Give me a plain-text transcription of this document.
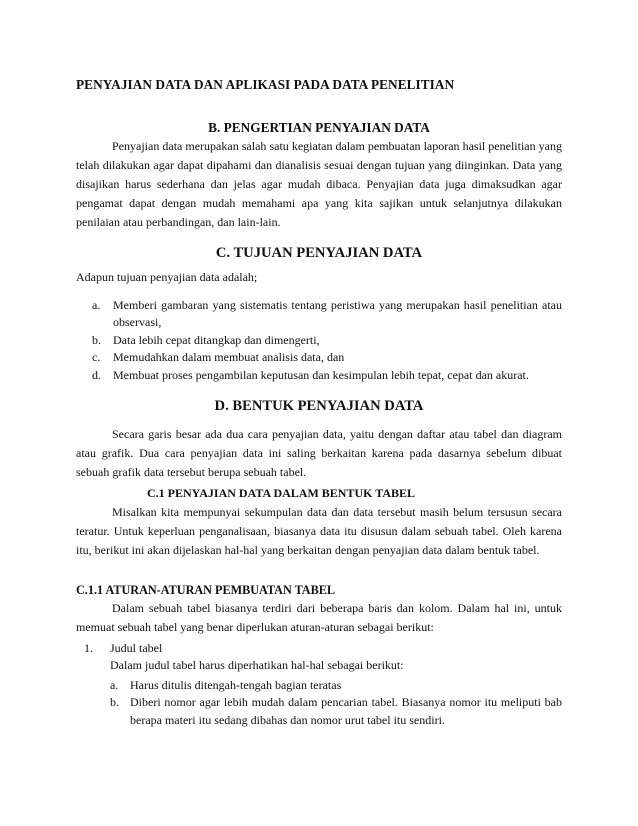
PENYAJIAN DATA DAN APLIKASI PADA DATA PENELITIAN
B. PENGERTIAN PENYAJIAN DATA

Penyajian data merupakan salah satu kegiatan dalam pembuatan laporan hasil penelitian yang telah dilakukan agar dapat dipahami dan dianalisis sesuai dengan tujuan yang diinginkan. Data yang disajikan harus sederhana dan jelas agar mudah dibaca. Penyajian data juga dimaksudkan agar pengamat dapat dengan mudah memahami apa yang kita sajikan untuk selanjutnya dilakukan penilaian atau perbandingan, dan lain-lain.

C. TUJUAN PENYAJIAN DATA
Adapun tujuan penyajian data adalah;
a. Memberi gambaran yang sistematis tentang peristiwa yang merupakan hasil penelitian atau observasi,
b. Data lebih cepat ditangkap dan dimengerti,
c. Memudahkan dalam membuat analisis data, dan
d. Membuat proses pengambilan keputusan dan kesimpulan lebih tepat, cepat dan akurat.
D. BENTUK PENYAJIAN DATA

Secara garis besar ada dua cara penyajian data, yaitu dengan daftar atau tabel dan diagram atau grafik. Dua cara penyajian data ini saling berkaitan karena pada dasarnya sebelum dibuat sebuah grafik data tersebut berupa sebuah tabel.

C.1 PENYAJIAN DATA DALAM BENTUK TABEL

Misalkan kita mempunyai sekumpulan data dan data tersebut masih belum tersusun secara teratur. Untuk keperluan penganalisaan, biasanya data itu disusun dalam sebuah tabel. Oleh karena itu, berikut ini akan dijelaskan hal-hal yang berkaitan dengan penyajian data dalam bentuk tabel.

C.1.1 ATURAN-ATURAN PEMBUATAN TABEL

Dalam sebuah tabel biasanya terdiri dari beberapa baris dan kolom. Dalam hal ini, untuk memuat sebuah tabel yang benar diperlukan aturan-aturan sebagai berikut:

1. Judul tabel
Dalam judul tabel harus diperhatikan hal-hal sebagai berikut:
a. Harus ditulis ditengah-tengah bagian teratas
b. Diberi nomor agar lebih mudah dalam pencarian tabel. Biasanya nomor itu meliputi bab berapa materi itu sedang dibahas dan nomor urut tabel itu sendiri.
